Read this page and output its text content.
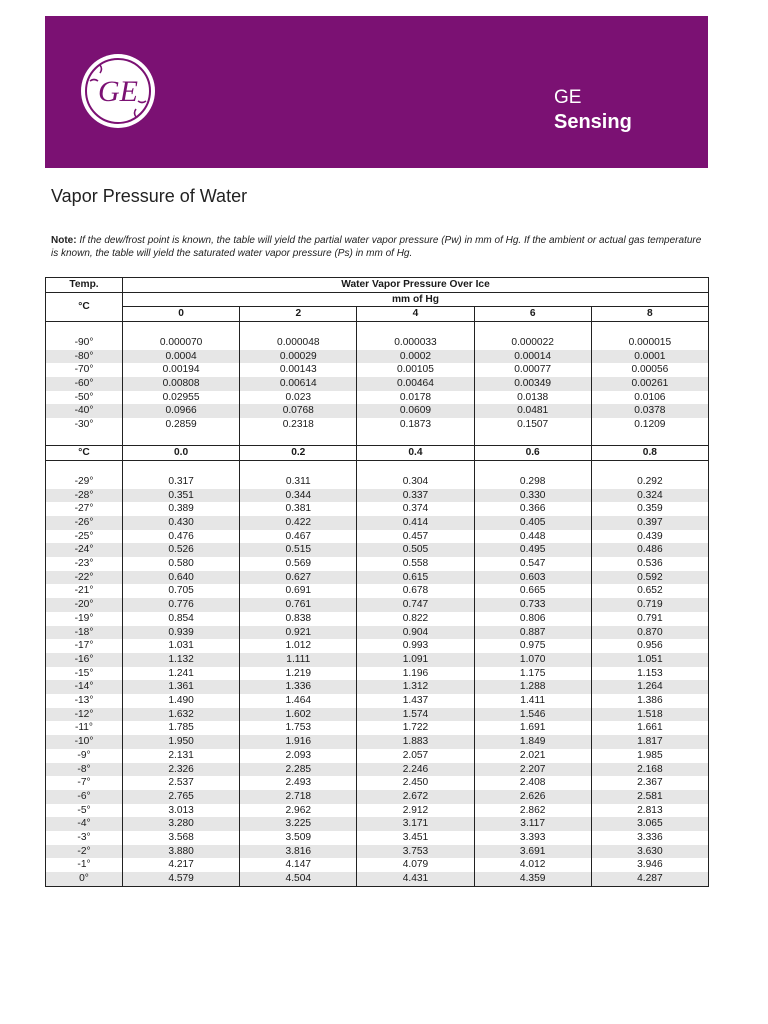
GE	GE
Sensing
Vapor Pressure of Water
Note: If the dew/frost point is known, the table will yield the partial water vapor pressure (Pw) in mm of Hg. If the ambient or actual gas temperature is known, the table will yield the saturated water vapor pressure (Ps) in mm of Hg.
Temp.	Water Vapor Pressure Over Ice				
°C	mm of Hg				
	0	2	4	6	8

-90°	0.000070	0.000048	0.000033	0.000022	0.000015
-80°	0.0004	0.00029	0.0002	0.00014	0.0001
-70°	0.00194	0.00143	0.00105	0.00077	0.00056
-60°	0.00808	0.00614	0.00464	0.00349	0.00261
-50°	0.02955	0.023	0.0178	0.0138	0.0106
-40°	0.0966	0.0768	0.0609	0.0481	0.0378
-30°	0.2859	0.2318	0.1873	0.1507	0.1209

°C	0.0	0.2	0.4	0.6	0.8

-29°	0.317	0.311	0.304	0.298	0.292
-28°	0.351	0.344	0.337	0.330	0.324
-27°	0.389	0.381	0.374	0.366	0.359
-26°	0.430	0.422	0.414	0.405	0.397
-25°	0.476	0.467	0.457	0.448	0.439
-24°	0.526	0.515	0.505	0.495	0.486
-23°	0.580	0.569	0.558	0.547	0.536
-22°	0.640	0.627	0.615	0.603	0.592
-21°	0.705	0.691	0.678	0.665	0.652
-20°	0.776	0.761	0.747	0.733	0.719
-19°	0.854	0.838	0.822	0.806	0.791
-18°	0.939	0.921	0.904	0.887	0.870
-17°	1.031	1.012	0.993	0.975	0.956
-16°	1.132	1.111	1.091	1.070	1.051
-15°	1.241	1.219	1.196	1.175	1.153
-14°	1.361	1.336	1.312	1.288	1.264
-13°	1.490	1.464	1.437	1.411	1.386
-12°	1.632	1.602	1.574	1.546	1.518
-11°	1.785	1.753	1.722	1.691	1.661
-10°	1.950	1.916	1.883	1.849	1.817
-9°	2.131	2.093	2.057	2.021	1.985
-8°	2.326	2.285	2.246	2.207	2.168
-7°	2.537	2.493	2.450	2.408	2.367
-6°	2.765	2.718	2.672	2.626	2.581
-5°	3.013	2.962	2.912	2.862	2.813
-4°	3.280	3.225	3.171	3.117	3.065
-3°	3.568	3.509	3.451	3.393	3.336
-2°	3.880	3.816	3.753	3.691	3.630
-1°	4.217	4.147	4.079	4.012	3.946
0°	4.579	4.504	4.431	4.359	4.287
